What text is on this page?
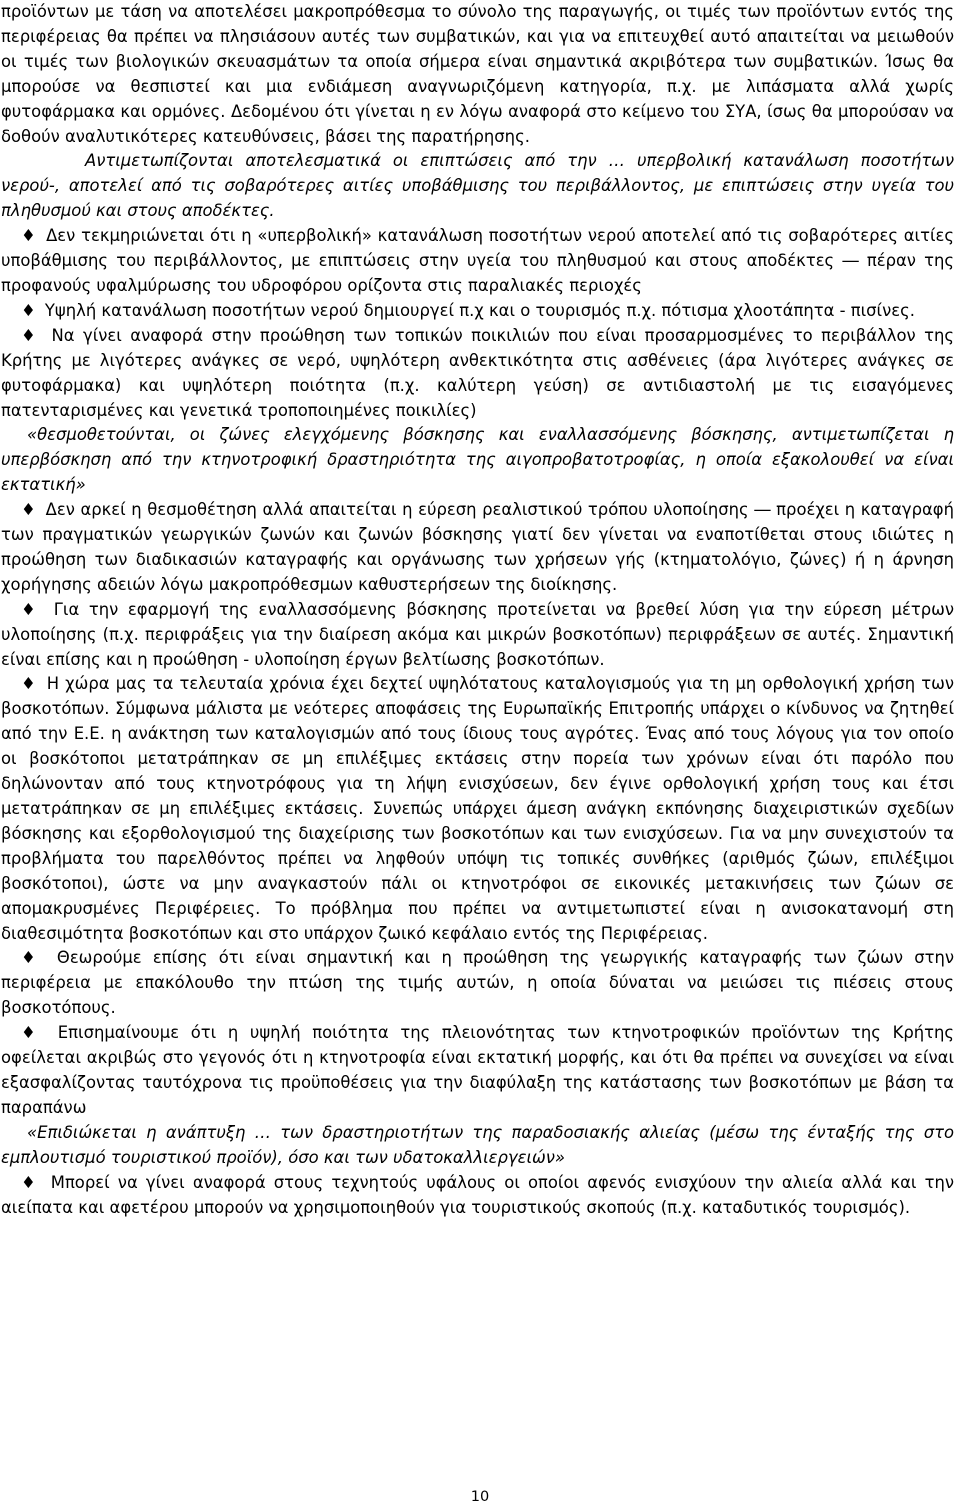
προϊόντων με τάση να αποτελέσει μακροπρόθεσμα το σύνολο της παραγωγής, οι τιμές των προϊόντων εντός της περιφέρειας θα πρέπει να πλησιάσουν αυτές των συμβατικών, και για να επιτευχθεί αυτό απαιτείται να μειωθούν οι τιμές των βιολογικών σκευασμάτων τα οποία σήμερα είναι σημαντικά ακριβότερα των συμβατικών. Ίσως θα μπορούσε να θεσπιστεί και μια ενδιάμεση αναγνωριζόμενη κατηγορία, π.χ. με λιπάσματα αλλά χωρίς φυτοφάρμακα και ορμόνες. Δεδομένου ότι γίνεται η εν λόγω αναφορά στο κείμενο του ΣΥΑ, ίσως θα μπορούσαν να δοθούν αναλυτικότερες κατευθύνσεις, βάσει της παρατήρησης.

Αντιμετωπίζονται αποτελεσματικά οι επιπτώσεις από την … υπερβολική κατανάλωση ποσοτήτων νερού-, αποτελεί από τις σοβαρότερες αιτίες υποβάθμισης του περιβάλλοντος, με επιπτώσεις στην υγεία του πληθυσμού και στους αποδέκτες.

♦ Δεν τεκμηριώνεται ότι η «υπερβολική» κατανάλωση ποσοτήτων νερού αποτελεί από τις σοβαρότερες αιτίες υποβάθμισης του περιβάλλοντος, με επιπτώσεις στην υγεία του πληθυσμού και στους αποδέκτες ― πέραν της προφανούς υφαλμύρωσης του υδροφόρου ορίζοντα στις παραλιακές περιοχές

♦ Υψηλή κατανάλωση ποσοτήτων νερού δημιουργεί π.χ και ο τουρισμός π.χ. πότισμα χλοοτάπητα - πισίνες.

♦ Να γίνει αναφορά στην προώθηση των τοπικών ποικιλιών που είναι προσαρμοσμένες το περιβάλλον της Κρήτης με λιγότερες ανάγκες σε νερό, υψηλότερη ανθεκτικότητα στις ασθένειες (άρα λιγότερες ανάγκες σε φυτοφάρμακα) και υψηλότερη ποιότητα (π.χ. καλύτερη γεύση) σε αντιδιαστολή με τις εισαγόμενες πατενταρισμένες και γενετικά τροποποιημένες ποικιλίες)

«θεσμοθετούνται, οι ζώνες ελεγχόμενης βόσκησης και εναλλασσόμενης βόσκησης, αντιμετωπίζεται η υπερβόσκηση από την κτηνοτροφική δραστηριότητα της αιγοπροβατοτροφίας, η οποία εξακολουθεί να είναι εκτατική»

♦ Δεν αρκεί η θεσμοθέτηση αλλά απαιτείται η εύρεση ρεαλιστικού τρόπου υλοποίησης ― προέχει η καταγραφή των πραγματικών γεωργικών ζωνών και ζωνών βόσκησης γιατί δεν γίνεται να εναποτίθεται στους ιδιώτες η προώθηση των διαδικασιών καταγραφής και οργάνωσης των χρήσεων γής (κτηματολόγιο, ζώνες) ή η άρνηση χορήγησης αδειών λόγω μακροπρόθεσμων καθυστερήσεων της διοίκησης.

♦ Για την εφαρμογή της εναλλασσόμενης βόσκησης προτείνεται να βρεθεί λύση για την εύρεση μέτρων υλοποίησης (π.χ. περιφράξεις για την διαίρεση ακόμα και μικρών βοσκοτόπων) περιφράξεων σε αυτές. Σημαντική είναι επίσης και η προώθηση - υλοποίηση έργων βελτίωσης βοσκοτόπων.

♦ Η χώρα μας τα τελευταία χρόνια έχει δεχτεί υψηλότατους καταλογισμούς για τη μη ορθολογική χρήση των βοσκοτόπων. Σύμφωνα μάλιστα με νεότερες αποφάσεις της Ευρωπαϊκής Επιτροπής υπάρχει ο κίνδυνος να ζητηθεί από την Ε.Ε. η ανάκτηση των καταλογισμών από τους ίδιους τους αγρότες. Ένας από τους λόγους για τον οποίο οι βοσκότοποι μετατράπηκαν σε μη επιλέξιμες εκτάσεις στην πορεία των χρόνων είναι ότι παρόλο που δηλώνονταν από τους κτηνοτρόφους για τη λήψη ενισχύσεων, δεν έγινε ορθολογική χρήση τους και έτσι μετατράπηκαν σε μη επιλέξιμες εκτάσεις. Συνεπώς υπάρχει άμεση ανάγκη εκπόνησης διαχειριστικών σχεδίων βόσκησης και εξορθολογισμού της διαχείρισης των βοσκοτόπων και των ενισχύσεων. Για να μην συνεχιστούν τα προβλήματα του παρελθόντος πρέπει να ληφθούν υπόψη τις τοπικές συνθήκες (αριθμός ζώων, επιλέξιμοι βοσκότοποι), ώστε να μην αναγκαστούν πάλι οι κτηνοτρόφοι σε εικονικές μετακινήσεις των ζώων σε απομακρυσμένες Περιφέρειες. Το πρόβλημα που πρέπει να αντιμετωπιστεί είναι η ανισοκατανομή στη διαθεσιμότητα βοσκοτόπων και στο υπάρχον ζωικό κεφάλαιο εντός της Περιφέρειας.

♦ Θεωρούμε επίσης ότι είναι σημαντική και η προώθηση της γεωργικής καταγραφής των ζώων στην περιφέρεια με επακόλουθο την πτώση της τιμής αυτών, η οποία δύναται να μειώσει τις πιέσεις στους βοσκοτόπους.

♦ Επισημαίνουμε ότι η υψηλή ποιότητα της πλειονότητας των κτηνοτροφικών προϊόντων της Κρήτης οφείλεται ακριβώς στο γεγονός ότι η κτηνοτροφία είναι εκτατική μορφής, και ότι θα πρέπει να συνεχίσει να είναι εξασφαλίζοντας ταυτόχρονα τις προϋποθέσεις για την διαφύλαξη της κατάστασης των βοσκοτόπων με βάση τα παραπάνω

«Επιδιώκεται η ανάπτυξη … των δραστηριοτήτων της παραδοσιακής αλιείας (μέσω της ένταξής της στο εμπλουτισμό τουριστικού προϊόν), όσο και των υδατοκαλλιεργειών»

♦ Μπορεί να γίνει αναφορά στους τεχνητούς υφάλους οι οποίοι αφενός ενισχύουν την αλιεία αλλά και την αιείπατα και αφετέρου μπορούν να χρησιμοποιηθούν για τουριστικούς σκοπούς (π.χ. καταδυτικός τουρισμός).

10
